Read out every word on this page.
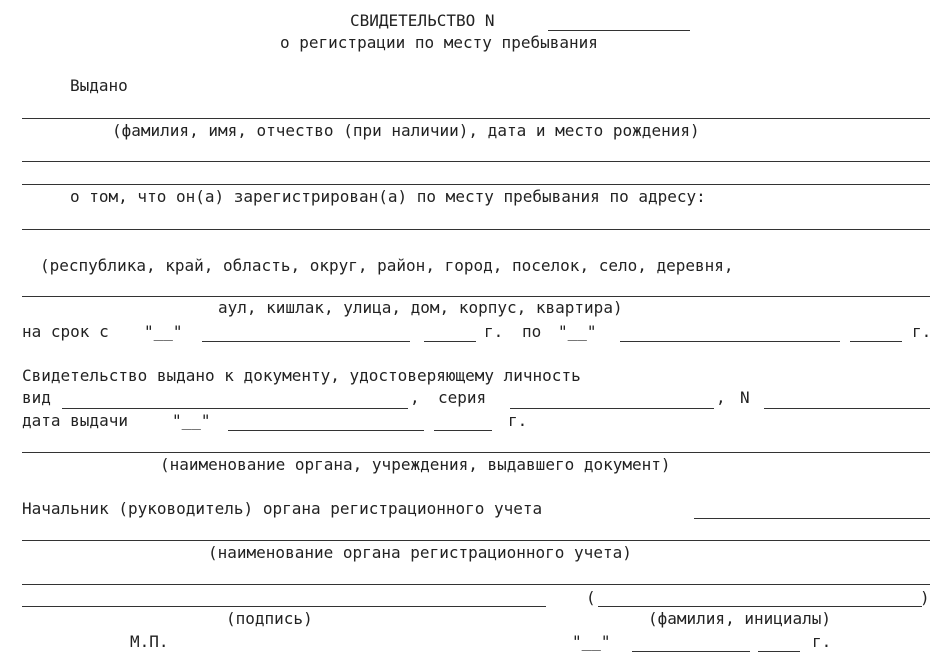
СВИДЕТЕЛЬСТВО N
о регистрации по месту пребывания
Выдано
(фамилия, имя, отчество (при наличии), дата и место рождения)
о том, что он(а) зарегистрирован(а) по месту пребывания по адресу:
(республика, край, область, округ, район, город, поселок, село, деревня,
аул, кишлак, улица, дом, корпус, квартира)
на срок с "__"	г. по "__"	г.
Свидетельство выдано к документу, удостоверяющему личность
вид	, серия	, N
дата выдачи	"__"	г.
(наименование органа, учреждения, выдавшего документ)
Начальник (руководитель) органа регистрационного учета
(наименование органа регистрационного учета)
(	)
(подпись)	(фамилия, инициалы)
М.П.	"__"	г.
